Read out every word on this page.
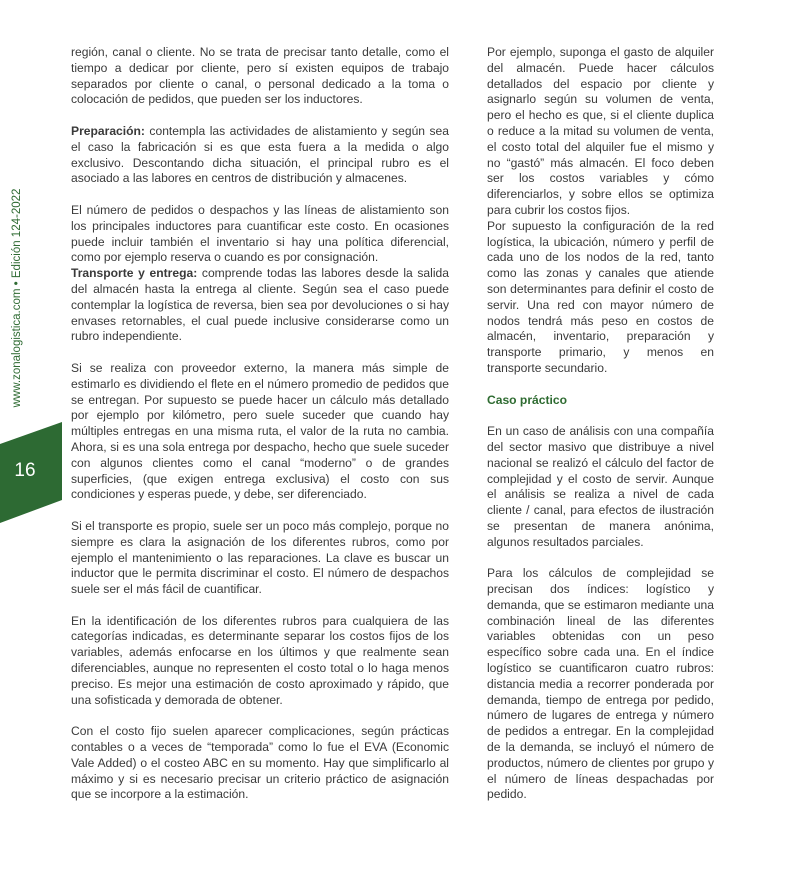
www.zonalogistica.com • Edición 124-2022
16

región, canal o cliente. No se trata de precisar tanto detalle, como el tiempo a dedicar por cliente, pero sí existen equipos de trabajo separados por cliente o canal, o personal dedicado a la toma o colocación de pedidos, que pueden ser los inductores.

Preparación: contempla las actividades de alistamiento y según sea el caso la fabricación si es que esta fuera a la medida o algo exclusivo. Descontando dicha situación, el principal rubro es el asociado a las labores en centros de distribución y almacenes.

El número de pedidos o despachos y las líneas de alistamiento son los principales inductores para cuantificar este costo. En ocasiones puede incluir también el inventario si hay una política diferencial, como por ejemplo reserva o cuando es por consignación.

Transporte y entrega: comprende todas las labores desde la salida del almacén hasta la entrega al cliente. Según sea el caso puede contemplar la logística de reversa, bien sea por devoluciones o si hay envases retornables, el cual puede inclusive considerarse como un rubro independiente.

Si se realiza con proveedor externo, la manera más simple de estimarlo es dividiendo el flete en el número promedio de pedidos que se entregan. Por supuesto se puede hacer un cálculo más detallado por ejemplo por kilómetro, pero suele suceder que cuando hay múltiples entregas en una misma ruta, el valor de la ruta no cambia. Ahora, si es una sola entrega por despacho, hecho que suele suceder con algunos clientes como el canal “moderno” o de grandes superficies, (que exigen entrega exclusiva) el costo con sus condiciones y esperas puede, y debe, ser diferenciado.

Si el transporte es propio, suele ser un poco más complejo, porque no siempre es clara la asignación de los diferentes rubros, como por ejemplo el mantenimiento o las reparaciones. La clave es buscar un inductor que le permita discriminar el costo. El número de despachos suele ser el más fácil de cuantificar.

En la identificación de los diferentes rubros para cualquiera de las categorías indicadas, es determinante separar los costos fijos de los variables, además enfocarse en los últimos y que realmente sean diferenciables, aunque no representen el costo total o lo haga menos preciso. Es mejor una estimación de costo aproximado y rápido, que una sofisticada y demorada de obtener.

Con el costo fijo suelen aparecer complicaciones, según prácticas contables o a veces de “temporada” como lo fue el EVA (Economic Vale Added) o el costeo ABC en su momento. Hay que simplificarlo al máximo y si es necesario precisar un criterio práctico de asignación que se incorpore a la estimación.

Por ejemplo, suponga el gasto de alquiler del almacén. Puede hacer cálculos detallados del espacio por cliente y asignarlo según su volumen de venta, pero el hecho es que, si el cliente duplica o reduce a la mitad su volumen de venta, el costo total del alquiler fue el mismo y no “gastó” más almacén. El foco deben ser los costos variables y cómo diferenciarlos, y sobre ellos se optimiza para cubrir los costos fijos.

Por supuesto la configuración de la red logística, la ubicación, número y perfil de cada uno de los nodos de la red, tanto como las zonas y canales que atiende son determinantes para definir el costo de servir. Una red con mayor número de nodos tendrá más peso en costos de almacén, inventario, preparación y transporte primario, y menos en transporte secundario.

Caso práctico

En un caso de análisis con una compañía del sector masivo que distribuye a nivel nacional se realizó el cálculo del factor de complejidad y el costo de servir. Aunque el análisis se realiza a nivel de cada cliente / canal, para efectos de ilustración se presentan de manera anónima, algunos resultados parciales.

Para los cálculos de complejidad se precisan dos índices: logístico y demanda, que se estimaron mediante una combinación lineal de las diferentes variables obtenidas con un peso específico sobre cada una. En el índice logístico se cuantificaron cuatro rubros: distancia media a recorrer ponderada por demanda, tiempo de entrega por pedido, número de lugares de entrega y número de pedidos a entregar. En la complejidad de la demanda, se incluyó el número de productos, número de clientes por grupo y el número de líneas despachadas por pedido.
